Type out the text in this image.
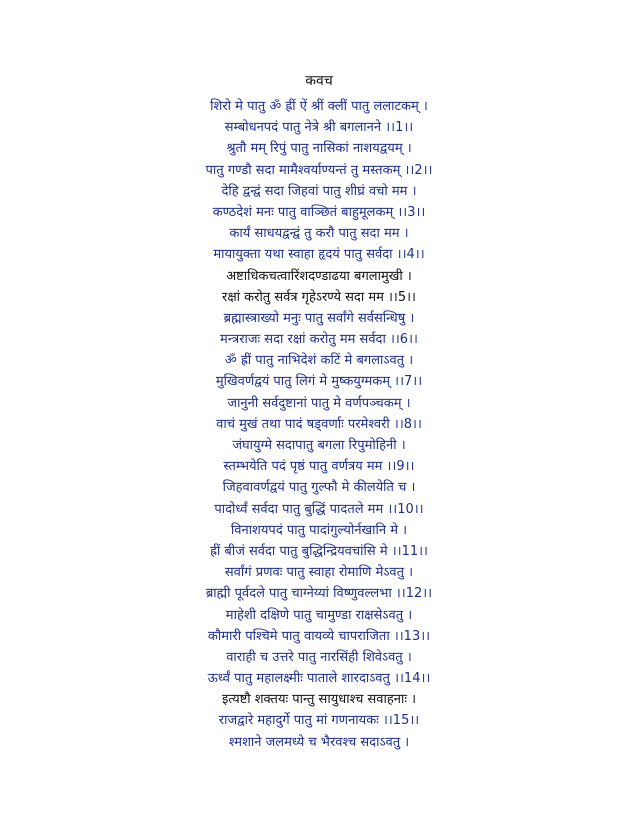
कवच
शिरो मे पातु ॐ ह्रीं ऐं श्रीं क्लीं पातु ललाटकम् ।
सम्बोधनपदं पातु नेत्रे श्री बगलानने ।।1।।
श्रुतौ मम् रिपुं पातु नासिकां नाशयद्वयम् ।
पातु गण्डौ सदा मामैश्वर्याण्यन्तं तु मस्तकम् ।।2।।
देहि द्वन्द्वं सदा जिहवां पातु शीघ्रं वचो मम ।
कण्ठदेशं मनः पातु वाञ्छितं बाहुमूलकम् ।।3।।
कार्यं साधयद्वन्द्वं तु करौ पातु सदा मम ।
मायायुक्ता यथा स्वाहा हृदयं पातु सर्वदा ।।4।।
अष्टाधिकचत्वारिंशदण्डाढया बगलामुखी ।
रक्षां करोतु सर्वत्र गृहेऽरण्ये सदा मम ।।5।।
ब्रह्मास्त्राख्यो मनुः पातु सर्वांगे सर्वसन्धिषु ।
मन्त्रराजः सदा रक्षां करोतु मम सर्वदा ।।6।।
ॐ ह्रीं पातु नाभिदेशं कटिं मे बगलाऽवतु ।
मुखिवर्णद्वयं पातु लिगं मे मुष्कयुग्मकम् ।।7।।
जानुनी सर्वदुष्टानां पातु मे वर्णपञ्चकम् ।
वाचं मुखं तथा पादं षड्वर्णाः परमेश्वरी ।।8।।
जंघायुग्मे सदापातु बगला रिपुमोहिनी ।
स्तम्भयेति पदं पृष्ठं पातु वर्णत्रय मम ।।9।।
जिहवावर्णद्वयं पातु गुल्फौ मे कीलयेति च ।
पादोर्ध्वं सर्वदा पातु बुद्धिं पादतले मम ।।10।।
विनाशयपदं पातु पादांगुल्योर्नखानि मे ।
ह्रीं बीजं सर्वदा पातु बुद्धिन्द्रियवचांसि मे ।।11।।
सर्वांगं प्रणवः पातु स्वाहा रोमाणि मेऽवतु ।
ब्राह्मी पूर्वदले पातु चाग्नेय्यां विष्णुवल्लभा ।।12।।
माहेशी दक्षिणे पातु चामुण्डा राक्षसेऽवतु ।
कौमारी पश्चिमे पातु वायव्ये चापराजिता ।।13।।
वाराही च उत्तरे पातु नारसिंही शिवेऽवतु ।
ऊर्ध्वं पातु महालक्ष्मीः पाताले शारदाऽवतु ।।14।।
इत्यष्टौ शक्तयः पान्तु सायुधाश्च सवाहनाः ।
राजद्वारे महादुर्गे पातु मां गणनायकः ।।15।।
श्मशाने जलमध्ये च भैरवश्च सदाऽवतु ।
